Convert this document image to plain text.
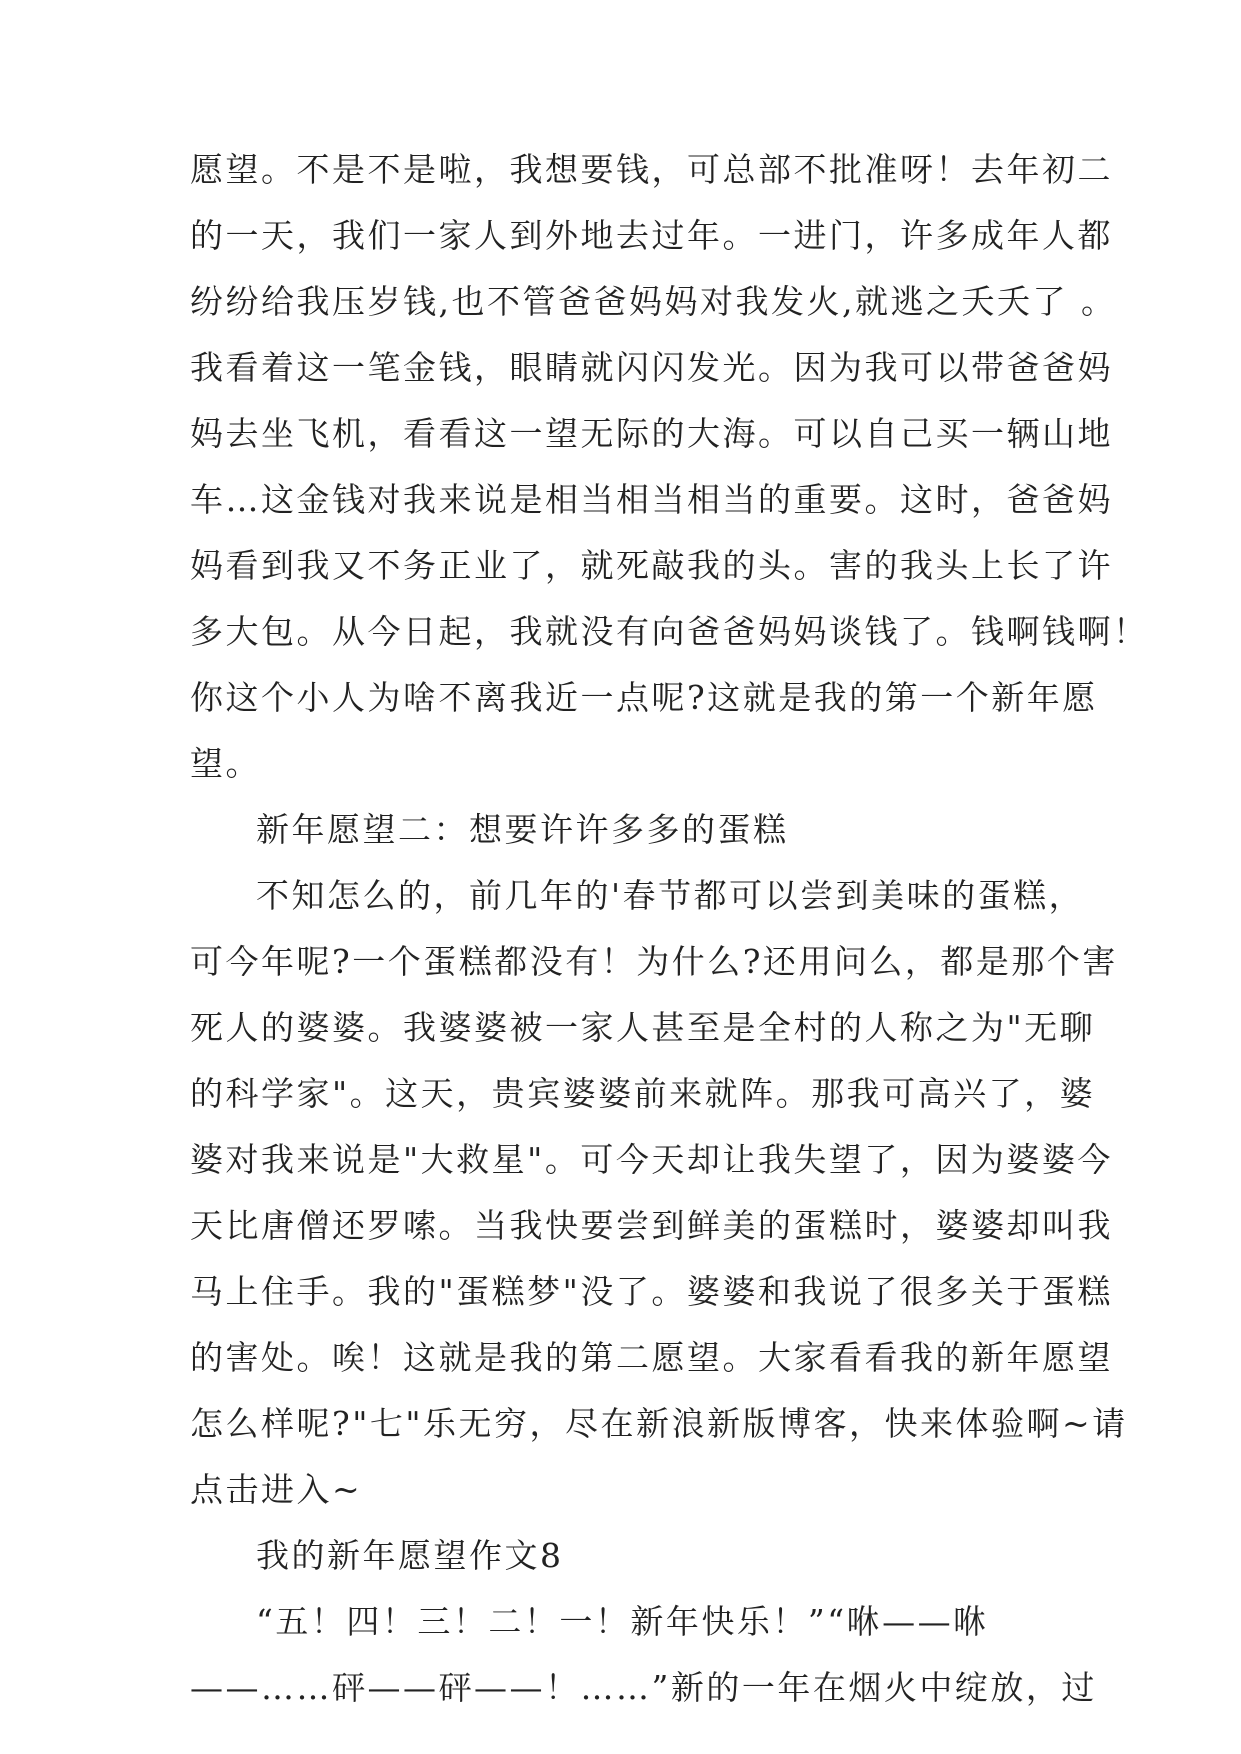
愿望。不是不是啦，我想要钱，可总部不批准呀！去年初二
的一天，我们一家人到外地去过年。一进门，许多成年人都
纷纷给我压岁钱,也不管爸爸妈妈对我发火,就逃之夭夭了 。
我看着这一笔金钱，眼睛就闪闪发光。因为我可以带爸爸妈
妈去坐飞机，看看这一望无际的大海。可以自己买一辆山地
车…这金钱对我来说是相当相当相当的重要。这时，爸爸妈
妈看到我又不务正业了，就死敲我的头。害的我头上长了许
多大包。从今日起，我就没有向爸爸妈妈谈钱了。钱啊钱啊！
你这个小人为啥不离我近一点呢?这就是我的第一个新年愿
望。
新年愿望二：想要许许多多的蛋糕
不知怎么的，前几年的'春节都可以尝到美味的蛋糕，
可今年呢?一个蛋糕都没有！为什么?还用问么，都是那个害
死人的婆婆。我婆婆被一家人甚至是全村的人称之为"无聊
的科学家"。这天，贵宾婆婆前来就阵。那我可高兴了，婆
婆对我来说是"大救星"。可今天却让我失望了，因为婆婆今
天比唐僧还罗嗦。当我快要尝到鲜美的蛋糕时，婆婆却叫我
马上住手。我的"蛋糕梦"没了。婆婆和我说了很多关于蛋糕
的害处。唉！这就是我的第二愿望。大家看看我的新年愿望
怎么样呢?"七"乐无穷，尽在新浪新版博客，快来体验啊~请
点击进入~
我的新年愿望作文8
“五！四！三！二！一！新年快乐！”“咻——咻
——……砰——砰——！……”新的一年在烟火中绽放，过
